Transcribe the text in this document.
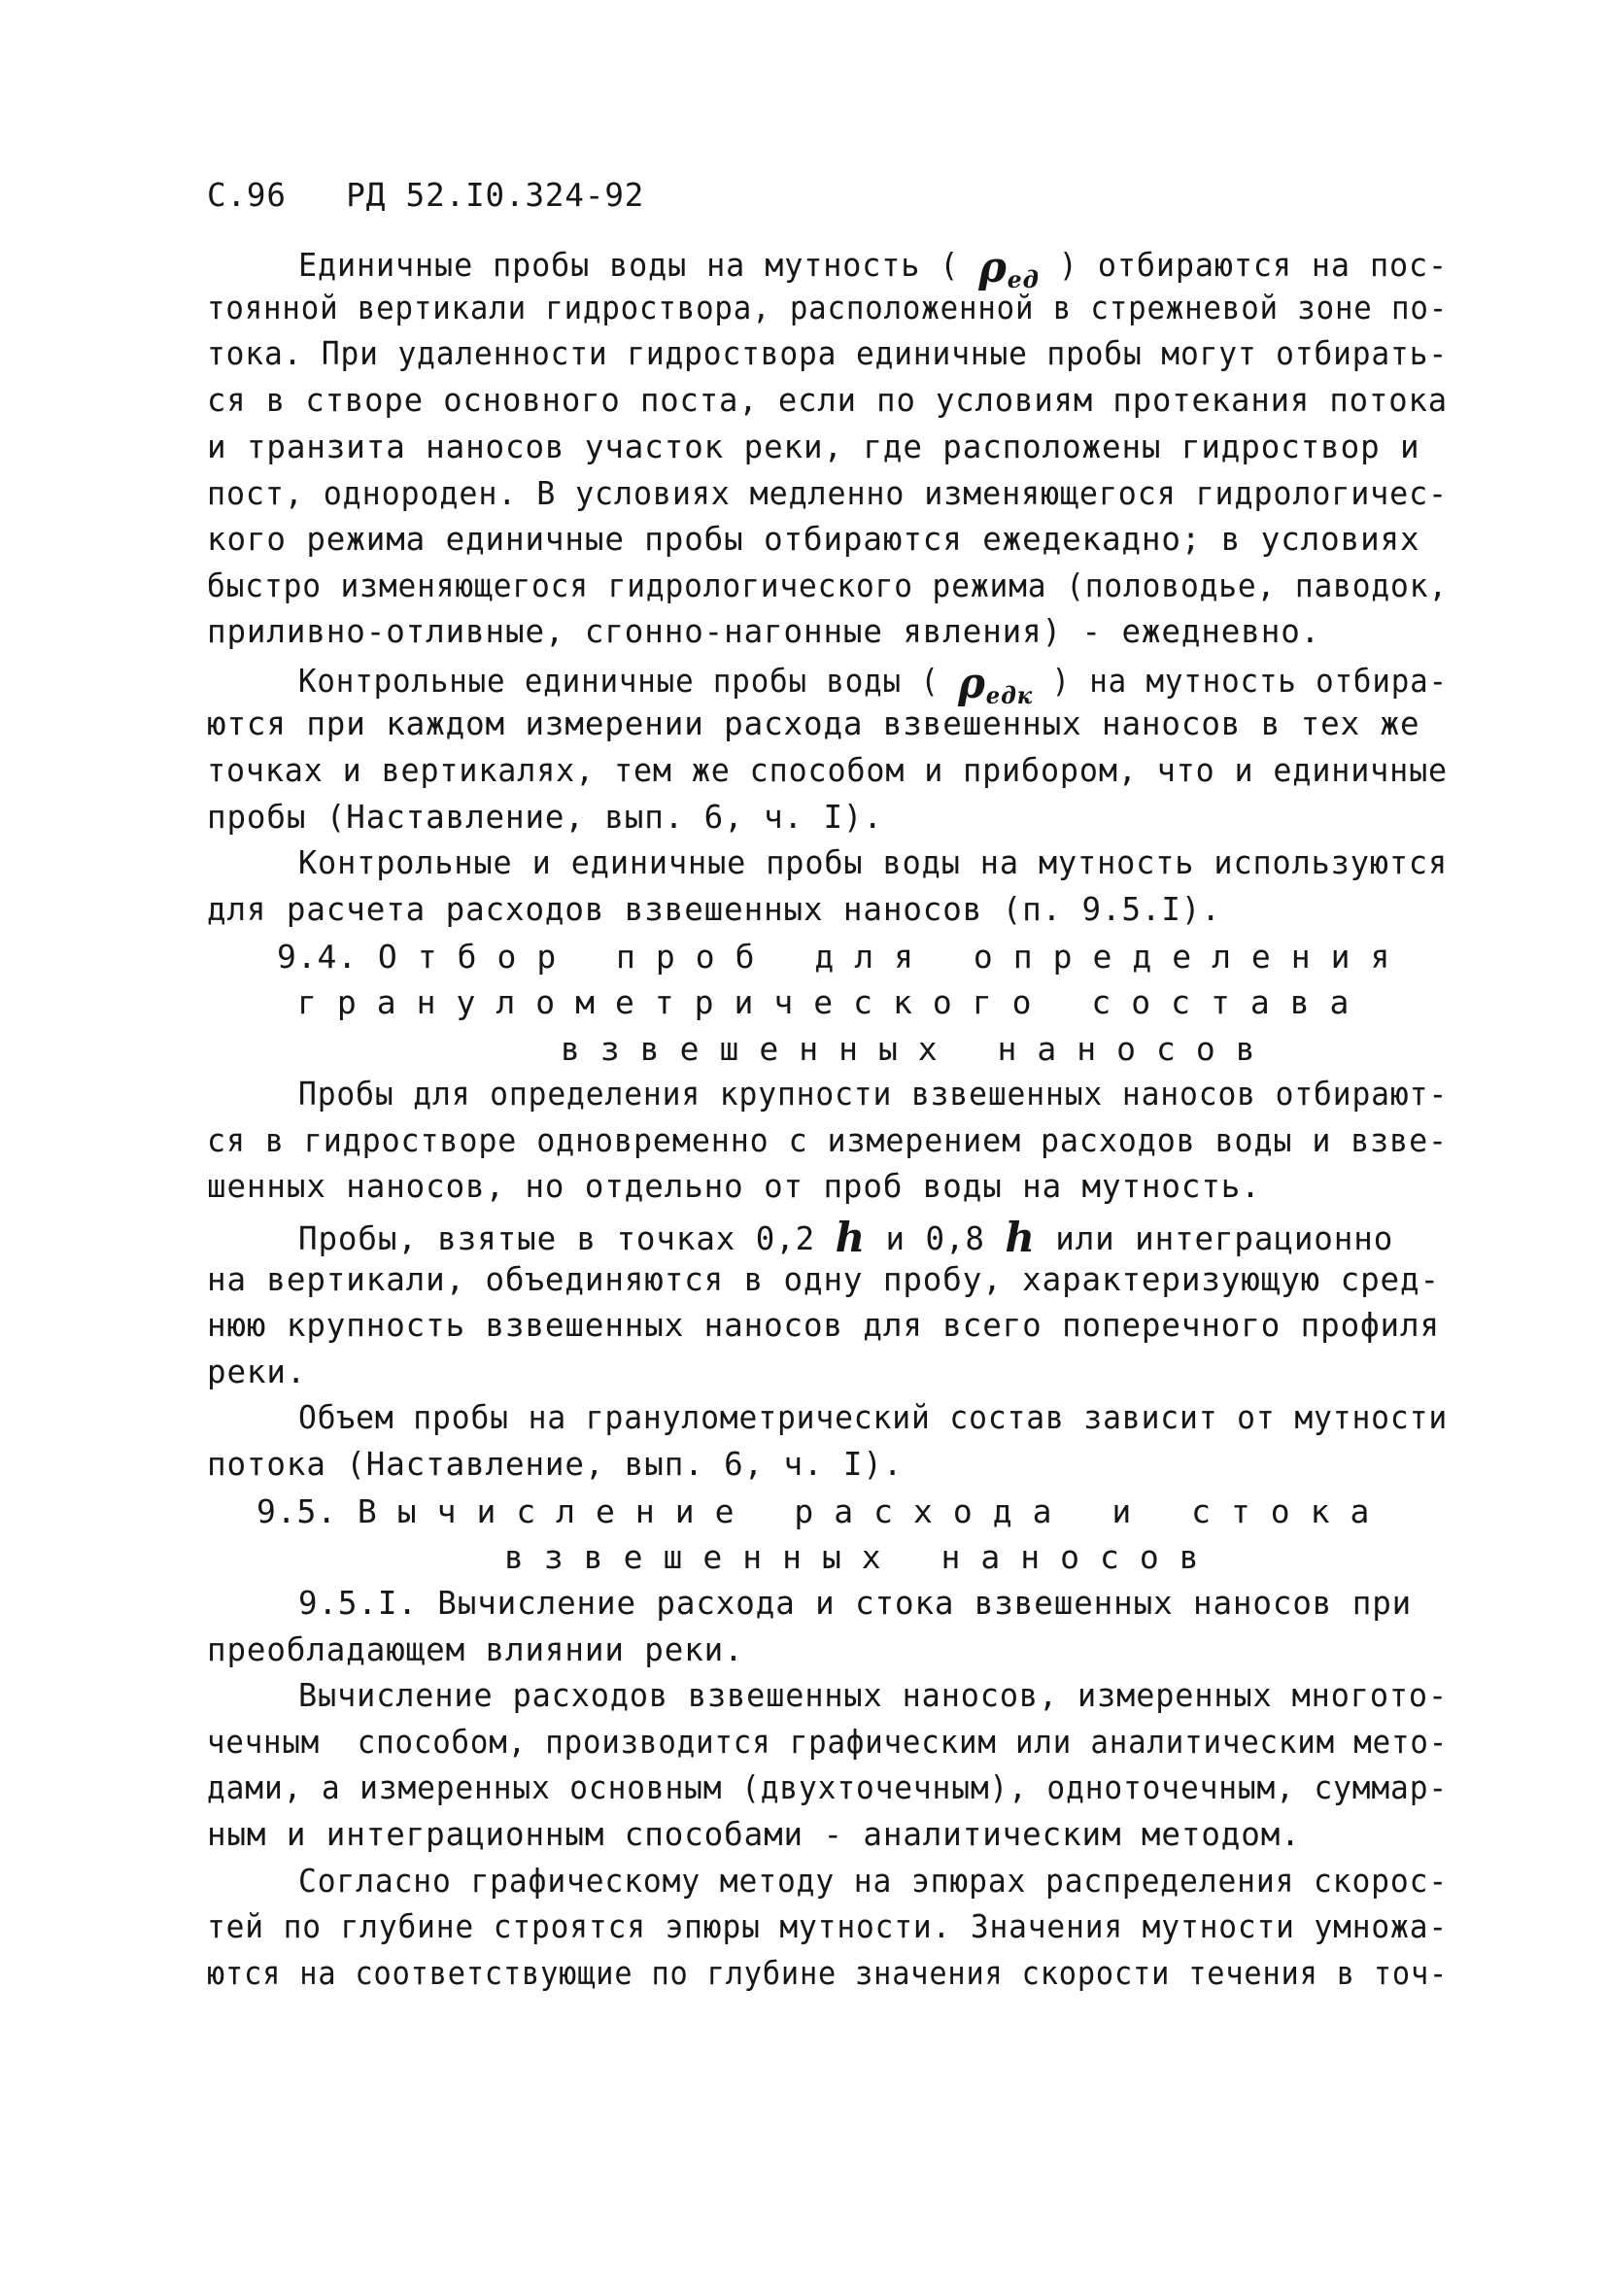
С.96   РД 52.I0.324-92
Единичные пробы воды на мутность ( $\rho_{ед}$ ) отбираются на пос-
тоянной вертикали гидроствора, расположенной в стрежневой зоне по-
тока. При удаленности гидроствора единичные пробы могут отбирать-
ся в створе основного поста, если по условиям протекания потока
и транзита наносов участок реки, где расположены гидроствор и
пост, однороден. В условиях медленно изменяющегося гидрологичес-
кого режима единичные пробы отбираются ежедекадно; в условиях
быстро изменяющегося гидрологического режима (половодье, паводок,
приливно-отливные, сгонно-нагонные явления) - ежедневно.
Контрольные единичные пробы воды ( $\rho_{едк}$ ) на мутность отбира-
ются при каждом измерении расхода взвешенных наносов в тех же
точках и вертикалях, тем же способом и прибором, что и единичные
пробы (Наставление, вып. 6, ч. I).
Контрольные и единичные пробы воды на мутность используются
для расчета расходов взвешенных наносов (п. 9.5.I).
9.4. Отбор проб для определения
гранулометрического состава
взвешенных наносов
Пробы для определения крупности взвешенных наносов отбирают-
ся в гидростворе одновременно с измерением расходов воды и взве-
шенных наносов, но отдельно от проб воды на мутность.
Пробы, взятые в точках 0,2 h и 0,8 h или интеграционно
на вертикали, объединяются в одну пробу, характеризующую сред-
нюю крупность взвешенных наносов для всего поперечного профиля
реки.
Объем пробы на гранулометрический состав зависит от мутности
потока (Наставление, вып. 6, ч. I).
9.5. Вычисление расхода и стока
взвешенных наносов
9.5.I. Вычисление расхода и стока взвешенных наносов при
преобладающем влиянии реки.
Вычисление расходов взвешенных наносов, измеренных многото-
чечным  способом, производится графическим или аналитическим мето-
дами, а измеренных основным (двухточечным), одноточечным, суммар-
ным и интеграционным способами - аналитическим методом.
Согласно графическому методу на эпюрах распределения скорос-
тей по глубине строятся эпюры мутности. Значения мутности умножа-
ются на соответствующие по глубине значения скорости течения в точ-
